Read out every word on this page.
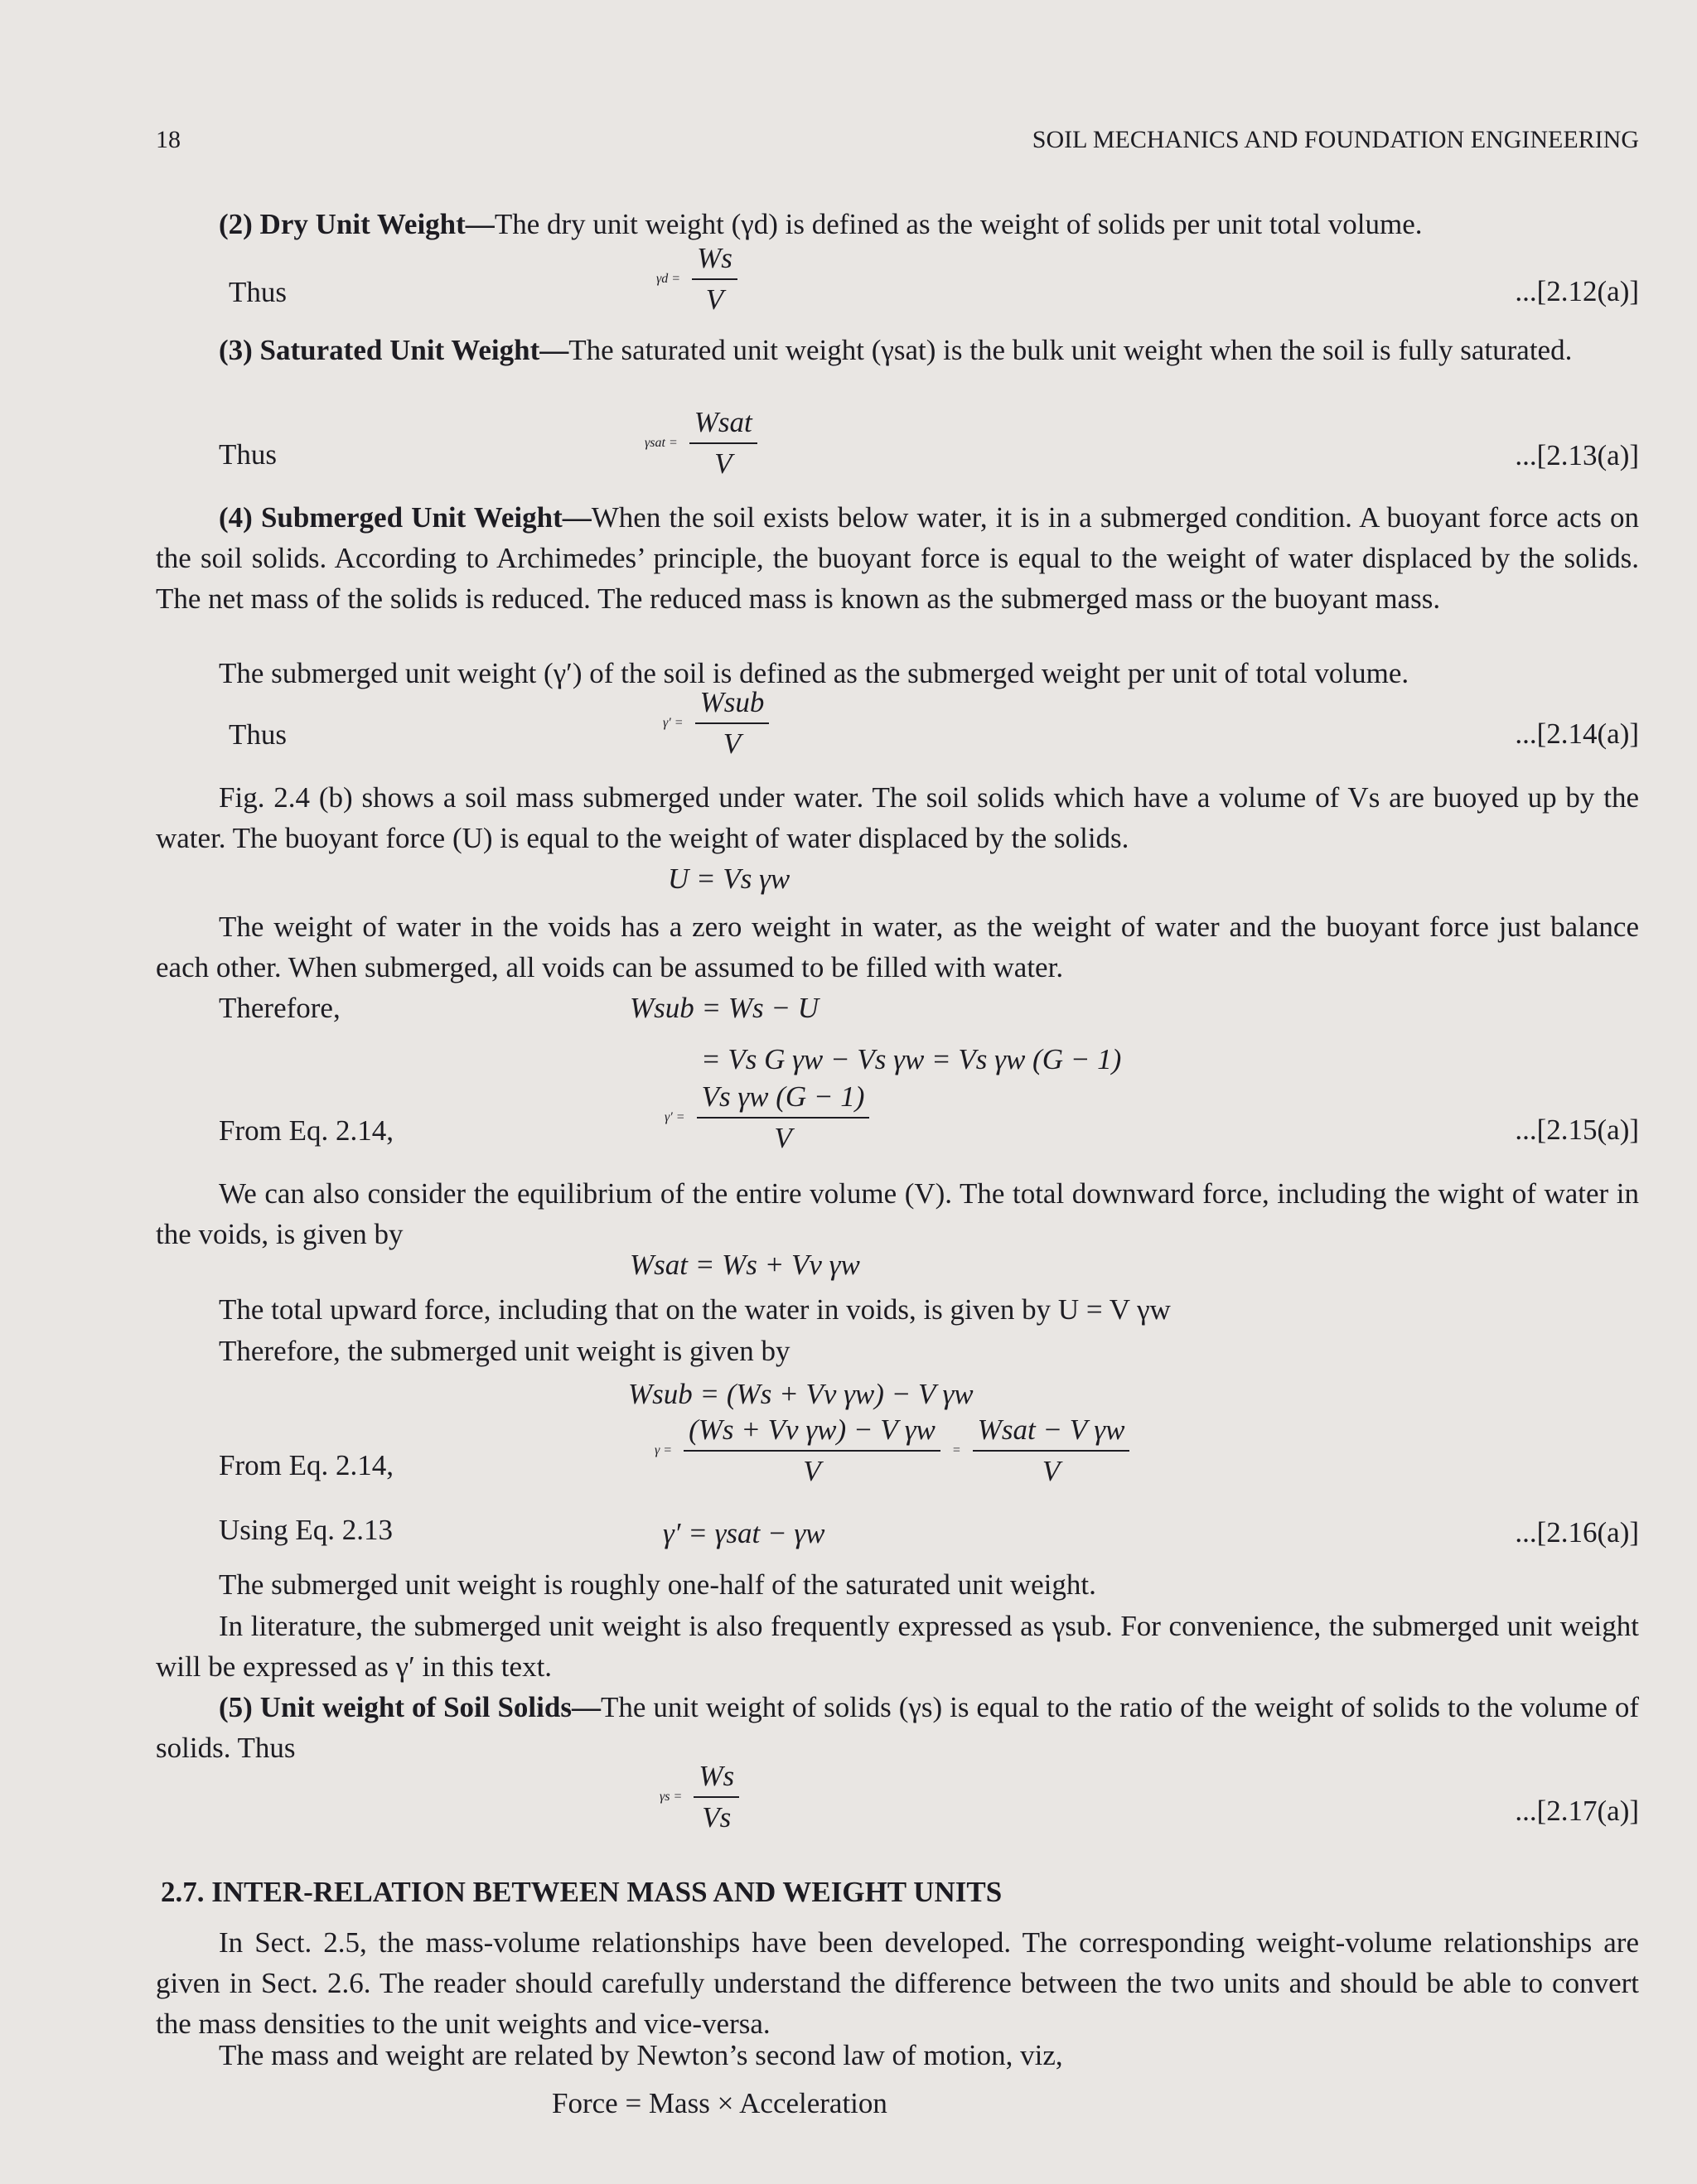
18	SOIL MECHANICS AND FOUNDATION ENGINEERING
(2) Dry Unit Weight—The dry unit weight (γd) is defined as the weight of solids per unit total volume.
Thus	$\gamma d = \frac{Ws}{V}$	...[2.12(a)]
(3) Saturated Unit Weight—The saturated unit weight (γsat) is the bulk unit weight when the soil is fully saturated.
Thus	$\gamma sat = \frac{\text{Wsat}}{V}$	...[2.13(a)]
(4) Submerged Unit Weight—When the soil exists below water, it is in a submerged condition. A buoyant force acts on the soil solids. According to Archimedes’ principle, the buoyant force is equal to the weight of water displaced by the solids. The net mass of the solids is reduced. The reduced mass is known as the submerged mass or the buoyant mass.
The submerged unit weight (γ′) of the soil is defined as the submerged weight per unit of total volume.
Thus	$\gamma' = \frac{\text{Wsub}}{V}$	...[2.14(a)]
Fig. 2.4 (b) shows a soil mass submerged under water. The soil solids which have a volume of Vs are buoyed up by the water. The buoyant force (U) is equal to the weight of water displaced by the solids.
U = Vs γw
The weight of water in the voids has a zero weight in water, as the weight of water and the buoyant force just balance each other. When submerged, all voids can be assumed to be filled with water.
Therefore,	Wsub = Ws − U
= Vs G γw − Vs γw = Vs γw (G − 1)
From Eq. 2.14,	$\gamma' = \frac{\text{Vs γw (G − 1)}}{V}$	...[2.15(a)]
We can also consider the equilibrium of the entire volume (V). The total downward force, including the wight of water in the voids, is given by
Wsat = Ws + Vv γw
The total upward force, including that on the water in voids, is given by U = V γw
Therefore, the submerged unit weight is given by
Wsub = (Ws + Vv γw) − V γw
From Eq. 2.14,	$\gamma = \frac{\text{(Ws + Vv γw) − V γw}}{V} = \frac{\text{Wsat − V γw}}{V}$
Using Eq. 2.13	γ′ = γsat − γw	...[2.16(a)]
The submerged unit weight is roughly one-half of the saturated unit weight.
In literature, the submerged unit weight is also frequently expressed as γsub. For convenience, the submerged unit weight will be expressed as γ′ in this text.
(5) Unit weight of Soil Solids—The unit weight of solids (γs) is equal to the ratio of the weight of solids to the volume of solids. Thus
$\gamma s = \frac{Ws}{Vs}$	...[2.17(a)]
2.7. INTER-RELATION BETWEEN MASS AND WEIGHT UNITS
In Sect. 2.5, the mass-volume relationships have been developed. The corresponding weight-volume relationships are given in Sect. 2.6. The reader should carefully understand the difference between the two units and should be able to convert the mass densities to the unit weights and vice-versa.
The mass and weight are related by Newton’s second law of motion, viz,
Force = Mass × Acceleration
